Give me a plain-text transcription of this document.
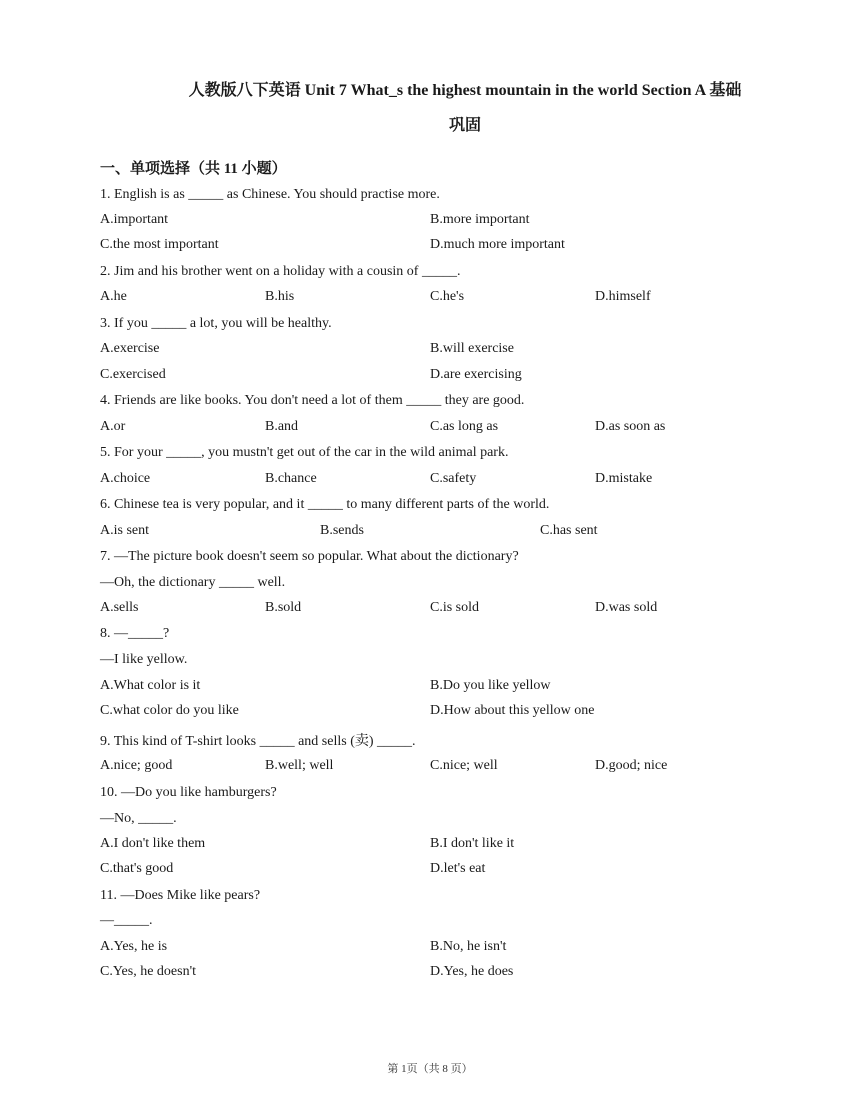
人教版八下英语 Unit 7 What_s the highest mountain in the world Section A 基础
巩固
一、单项选择（共 11 小题）
1. English is as _____ as Chinese. You should practise more.
A.important	B.more important
C.the most important	D.much more important
2. Jim and his brother went on a holiday with a cousin of _____.
A.he	B.his	C.he's	D.himself
3. If you _____ a lot, you will be healthy.
A.exercise	B.will exercise
C.exercised	D.are exercising
4. Friends are like books. You don't need a lot of them _____ they are good.
A.or	B.and	C.as long as	D.as soon as
5. For your _____, you mustn't get out of the car in the wild animal park.
A.choice	B.chance	C.safety	D.mistake
6. Chinese tea is very popular, and it _____ to many different parts of the world.
A.is sent	B.sends	C.has sent
7. —The picture book doesn't seem so popular. What about the dictionary?
—Oh, the dictionary _____ well.
A.sells	B.sold	C.is sold	D.was sold
8. —_____?
—I like yellow.
A.What color is it	B.Do you like yellow
C.what color do you like	D.How about this yellow one
9. This kind of T-shirt looks _____ and sells (卖) _____.
A.nice; good	B.well; well	C.nice; well	D.good; nice
10. —Do you like hamburgers?
—No, _____.
A.I don't like them	B.I don't like it
C.that's good	D.let's eat
11. —Does Mike like pears?
—_____.
A.Yes, he is	B.No, he isn't
C.Yes, he doesn't	D.Yes, he does
第 1页（共 8 页）
